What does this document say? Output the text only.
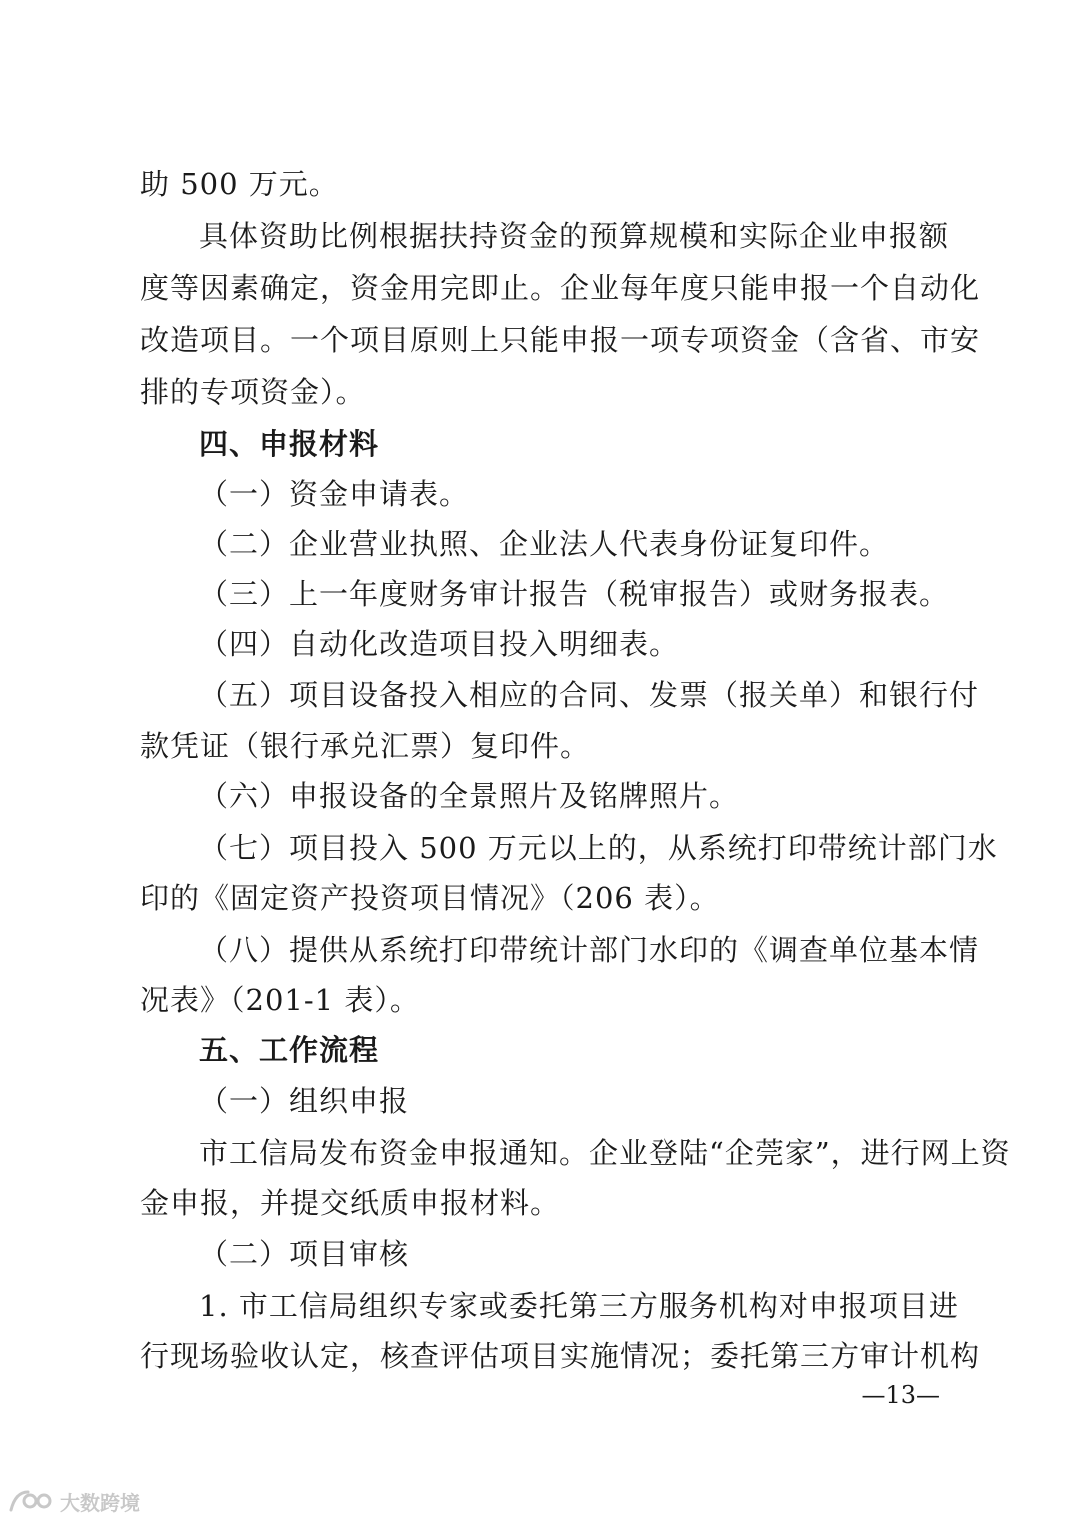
助 500 万元。
具体资助比例根据扶持资金的预算规模和实际企业申报额
度等因素确定，资金用完即止。企业每年度只能申报一个自动化
改造项目。一个项目原则上只能申报一项专项资金（含省、市安
排的专项资金）。
四、申报材料
（一）资金申请表。
（二）企业营业执照、企业法人代表身份证复印件。
（三）上一年度财务审计报告（税审报告）或财务报表。
（四）自动化改造项目投入明细表。
（五）项目设备投入相应的合同、发票（报关单）和银行付
款凭证（银行承兑汇票）复印件。
（六）申报设备的全景照片及铭牌照片。
（七）项目投入 500 万元以上的，从系统打印带统计部门水
印的《固定资产投资项目情况》（206 表）。
（八）提供从系统打印带统计部门水印的《调查单位基本情
况表》（201-1 表）。
五、工作流程
（一）组织申报
市工信局发布资金申报通知。企业登陆“企莞家”，进行网上资
金申报，并提交纸质申报材料。
（二）项目审核
1. 市工信局组织专家或委托第三方服务机构对申报项目进
行现场验收认定，核查评估项目实施情况；委托第三方审计机构
—13—
大数跨境
